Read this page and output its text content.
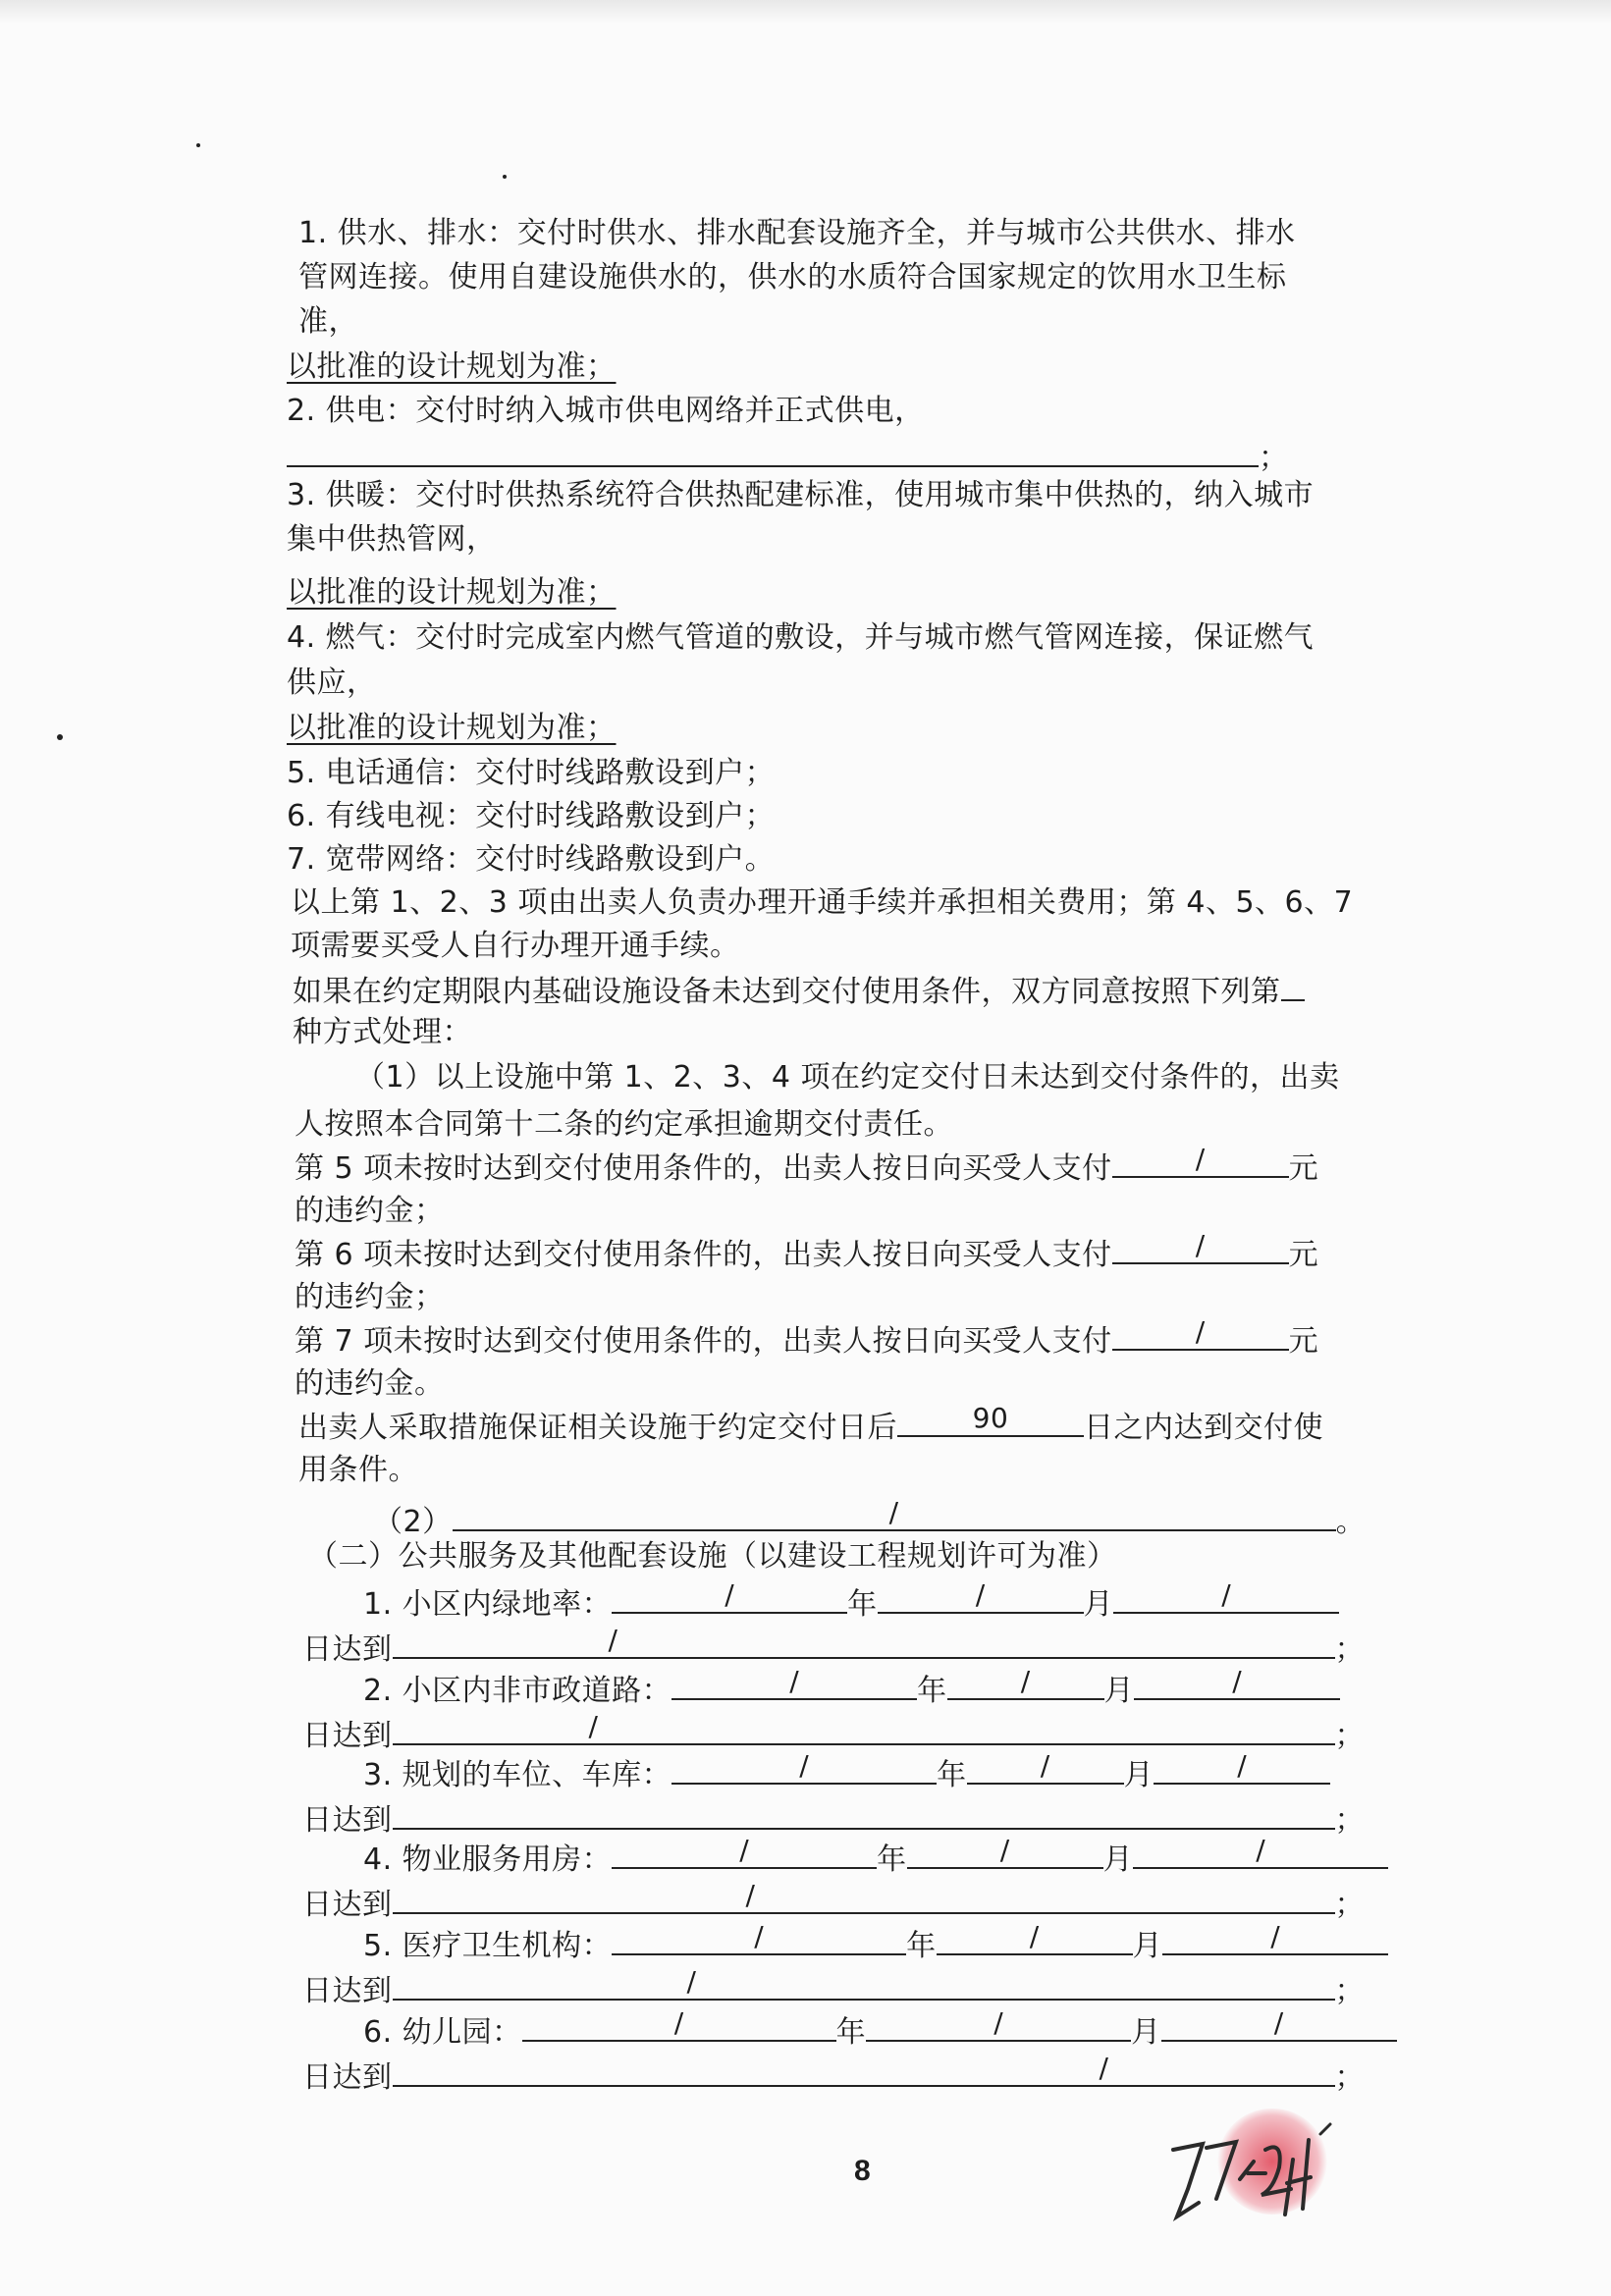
1. 供水、排水：交付时供水、排水配套设施齐全，并与城市公共供水、排水
管网连接。使用自建设施供水的，供水的水质符合国家规定的饮用水卫生标
准，
以批准的设计规划为准；
2. 供电：交付时纳入城市供电网络并正式供电，
；
3. 供暖：交付时供热系统符合供热配建标准，使用城市集中供热的，纳入城市
集中供热管网，
以批准的设计规划为准；
4. 燃气：交付时完成室内燃气管道的敷设，并与城市燃气管网连接，保证燃气
供应，
以批准的设计规划为准；
5. 电话通信：交付时线路敷设到户；
6. 有线电视：交付时线路敷设到户；
7. 宽带网络：交付时线路敷设到户。
以上第 1、2、3 项由出卖人负责办理开通手续并承担相关费用；第 4、5、6、7
项需要买受人自行办理开通手续。
如果在约定期限内基础设施设备未达到交付使用条件，双方同意按照下列第
种方式处理：
（1）以上设施中第 1、2、3、4 项在约定交付日未达到交付条件的，出卖
人按照本合同第十二条的约定承担逾期交付责任。
第 5 项未按时达到交付使用条件的，出卖人按日向买受人支付	/	元
的违约金；
第 6 项未按时达到交付使用条件的，出卖人按日向买受人支付	/	元
的违约金；
第 7 项未按时达到交付使用条件的，出卖人按日向买受人支付	/	元
的违约金。
出卖人采取措施保证相关设施于约定交付日后	90	日之内达到交付使
用条件。
（2）	/	。
（二）公共服务及其他配套设施（以建设工程规划许可为准）
1. 小区内绿地率：	/	年	/	月	/
日达到	/	；
2. 小区内非市政道路：	/	年	/	月	/
日达到	/	；
3. 规划的车位、车库：	/	年	/	月	/
日达到	；
4. 物业服务用房：	/	年	/	月	/
日达到	/	；
5. 医疗卫生机构：	/	年	/	月	/
日达到	/	；
6. 幼儿园：	/	年	/	月	/
日达到	/	；
8
